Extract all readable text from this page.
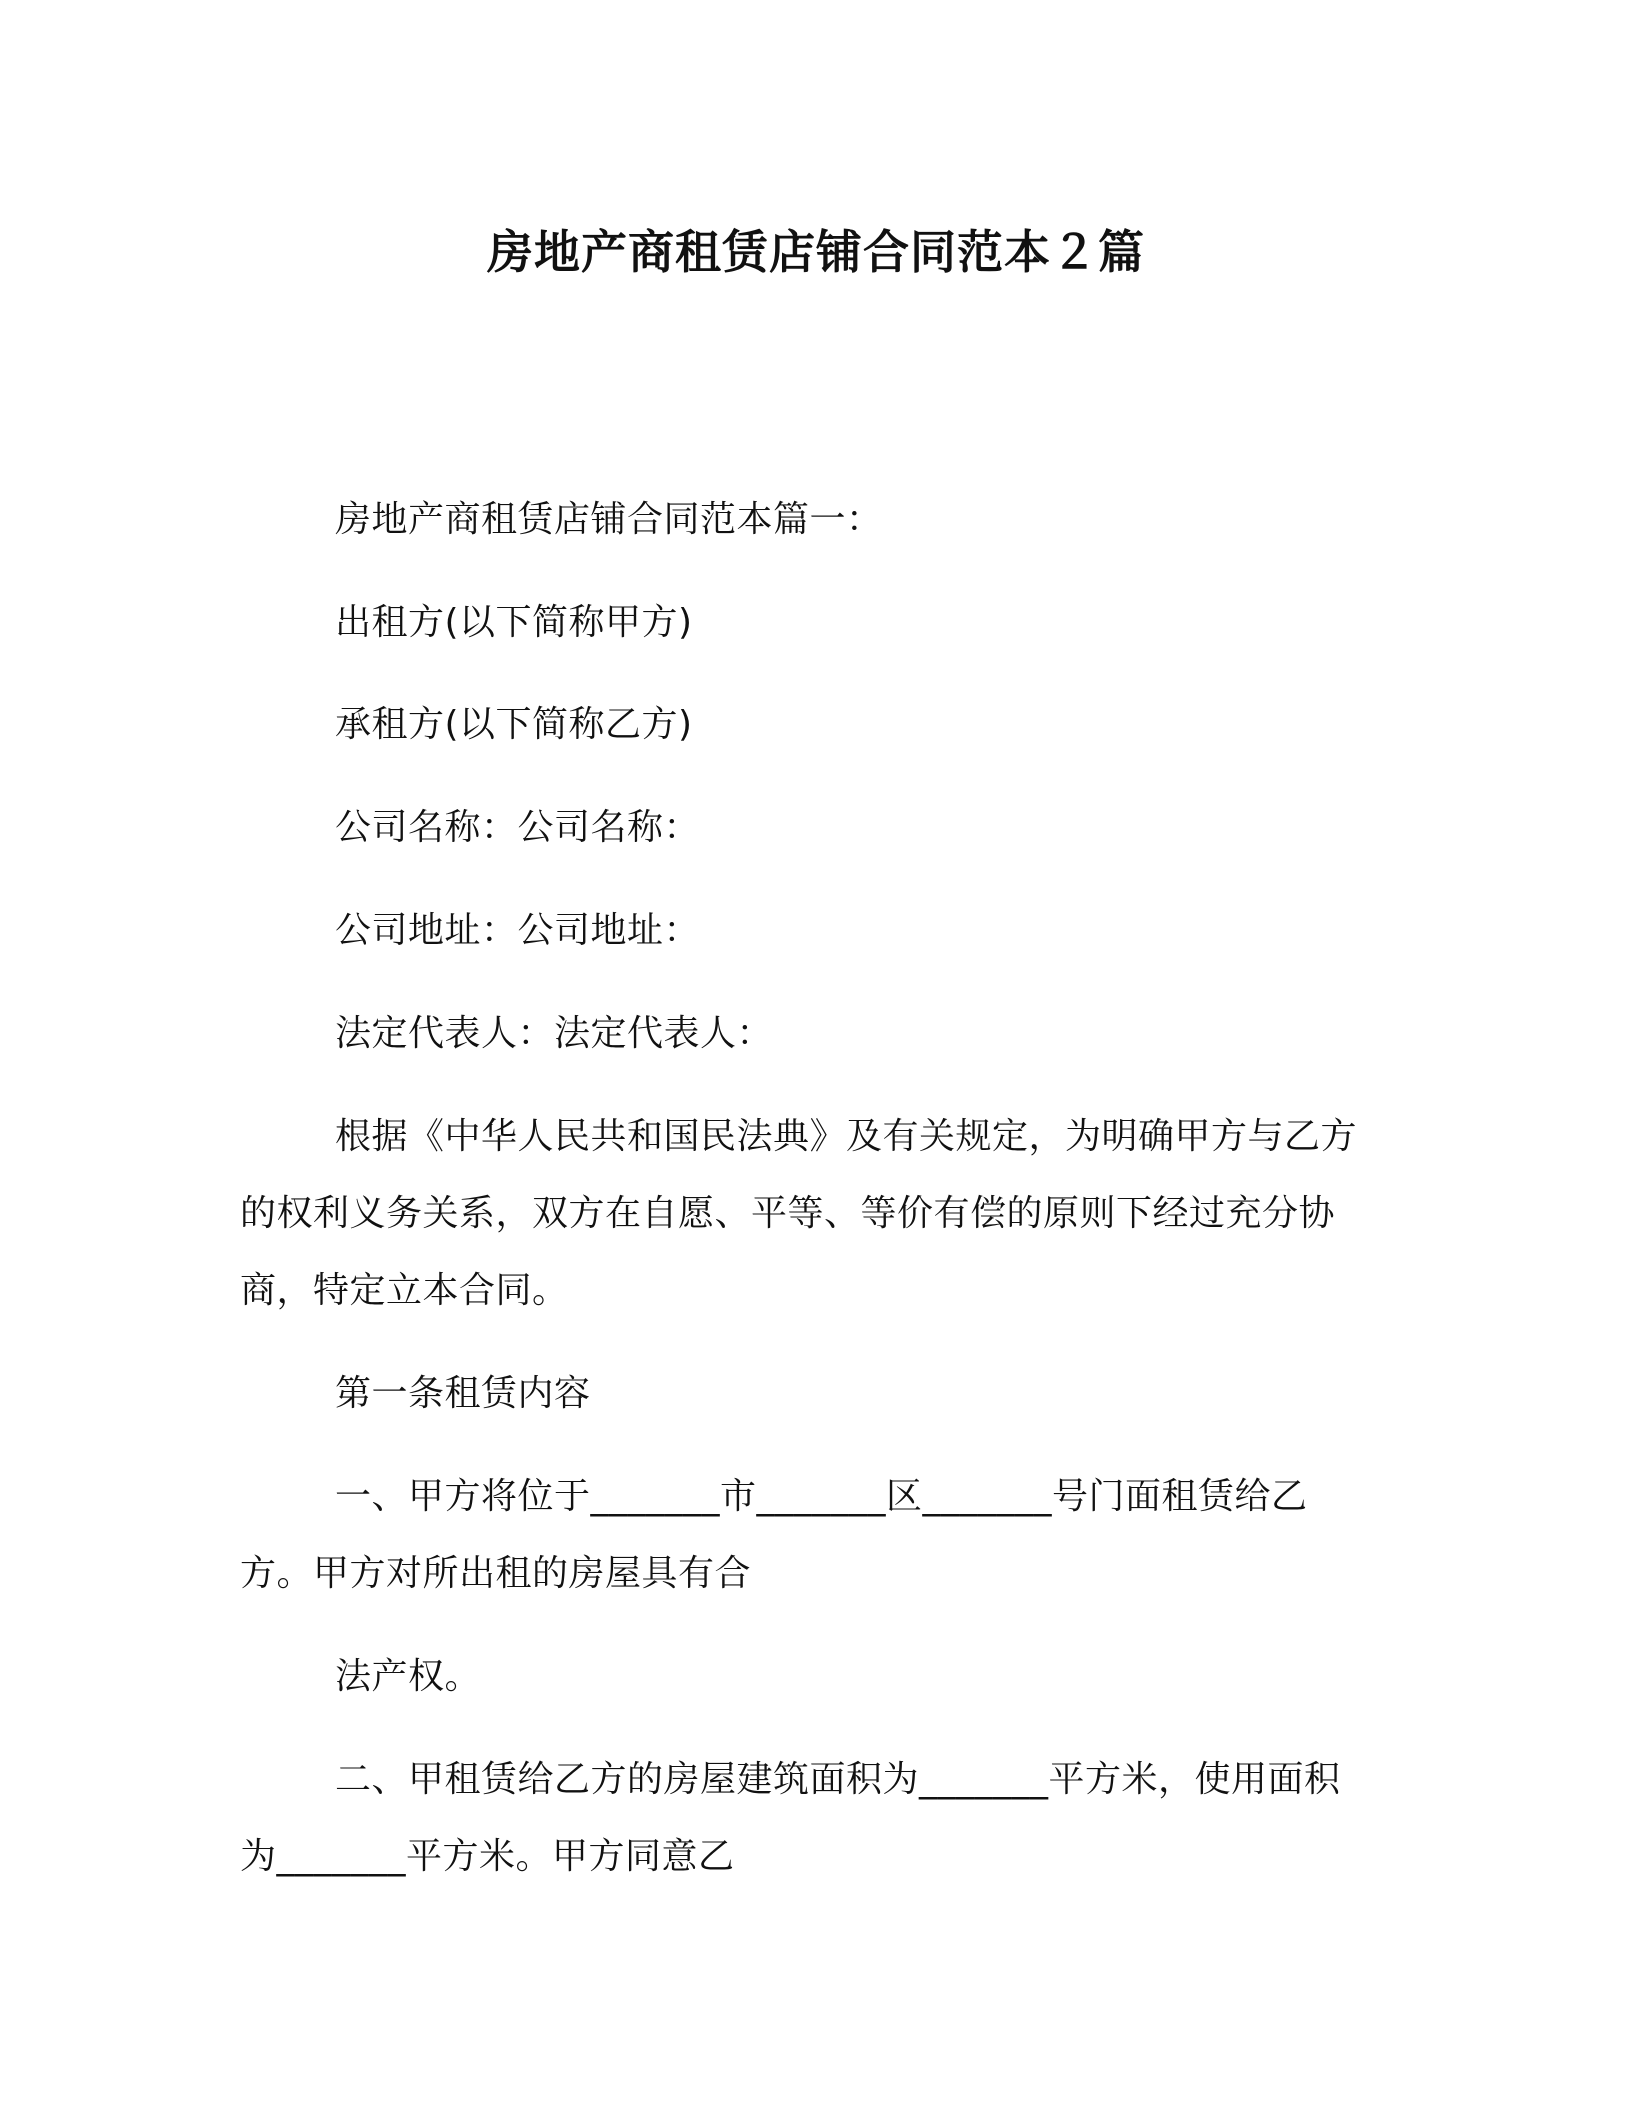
房地产商租赁店铺合同范本２篇
房地产商租赁店铺合同范本篇一：
出租方(以下简称甲方)
承租方(以下简称乙方)
公司名称：公司名称：
公司地址：公司地址：
法定代表人：法定代表人：
根据《中华人民共和国民法典》及有关规定，为明确甲方与乙方
的权利义务关系，双方在自愿、平等、等价有偿的原则下经过充分协
商，特定立本合同。
第一条租赁内容
一、甲方将位于_______市_______区_______号门面租赁给乙
方。甲方对所出租的房屋具有合
法产权。
二、甲租赁给乙方的房屋建筑面积为_______平方米，使用面积
为_______平方米。甲方同意乙
